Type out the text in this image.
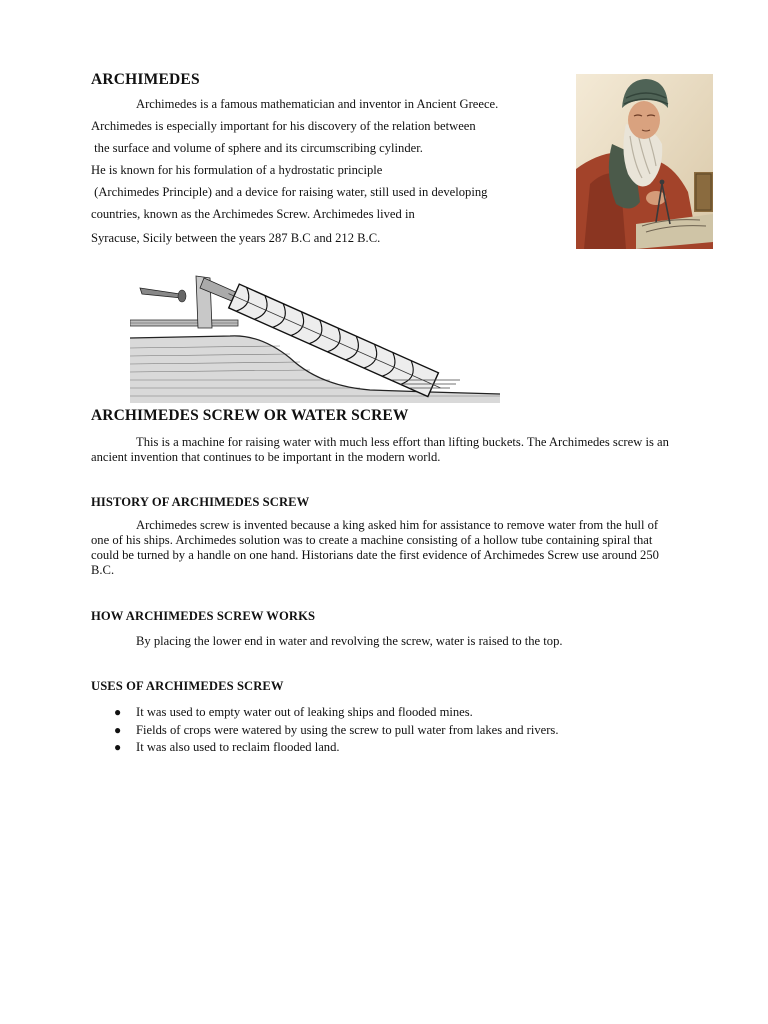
ARCHIMEDES

Archimedes is a famous mathematician and inventor in Ancient Greece.

Archimedes is especially important for his discovery of the relation between

the surface and volume of sphere and its circumscribing cylinder.

He is known for his formulation of a hydrostatic principle

(Archimedes Principle) and a device for raising water, still used in developing

countries, known as the Archimedes Screw. Archimedes lived in

Syracuse, Sicily between the years 287 B.C and 212 B.C.

ARCHIMEDES SCREW OR WATER SCREW

This is a machine for raising water with much less effort than lifting buckets. The Archimedes screw is an ancient invention that continues to be important in the modern world.

HISTORY OF ARCHIMEDES SCREW

Archimedes screw is invented because a king asked him for assistance to remove water from the hull of one of his ships. Archimedes solution was to create a machine consisting of a hollow tube containing spiral that could be turned by a handle on one hand. Historians date the first evidence of Archimedes Screw use around 250 B.C.

HOW ARCHIMEDES SCREW WORKS

By placing the lower end in water and revolving the screw, water is raised to the top.

USES OF ARCHIMEDES SCREW
● It was used to empty water out of leaking ships and flooded mines.
● Fields of crops were watered by using the screw to pull water from lakes and rivers.
● It was also used to reclaim flooded land.
